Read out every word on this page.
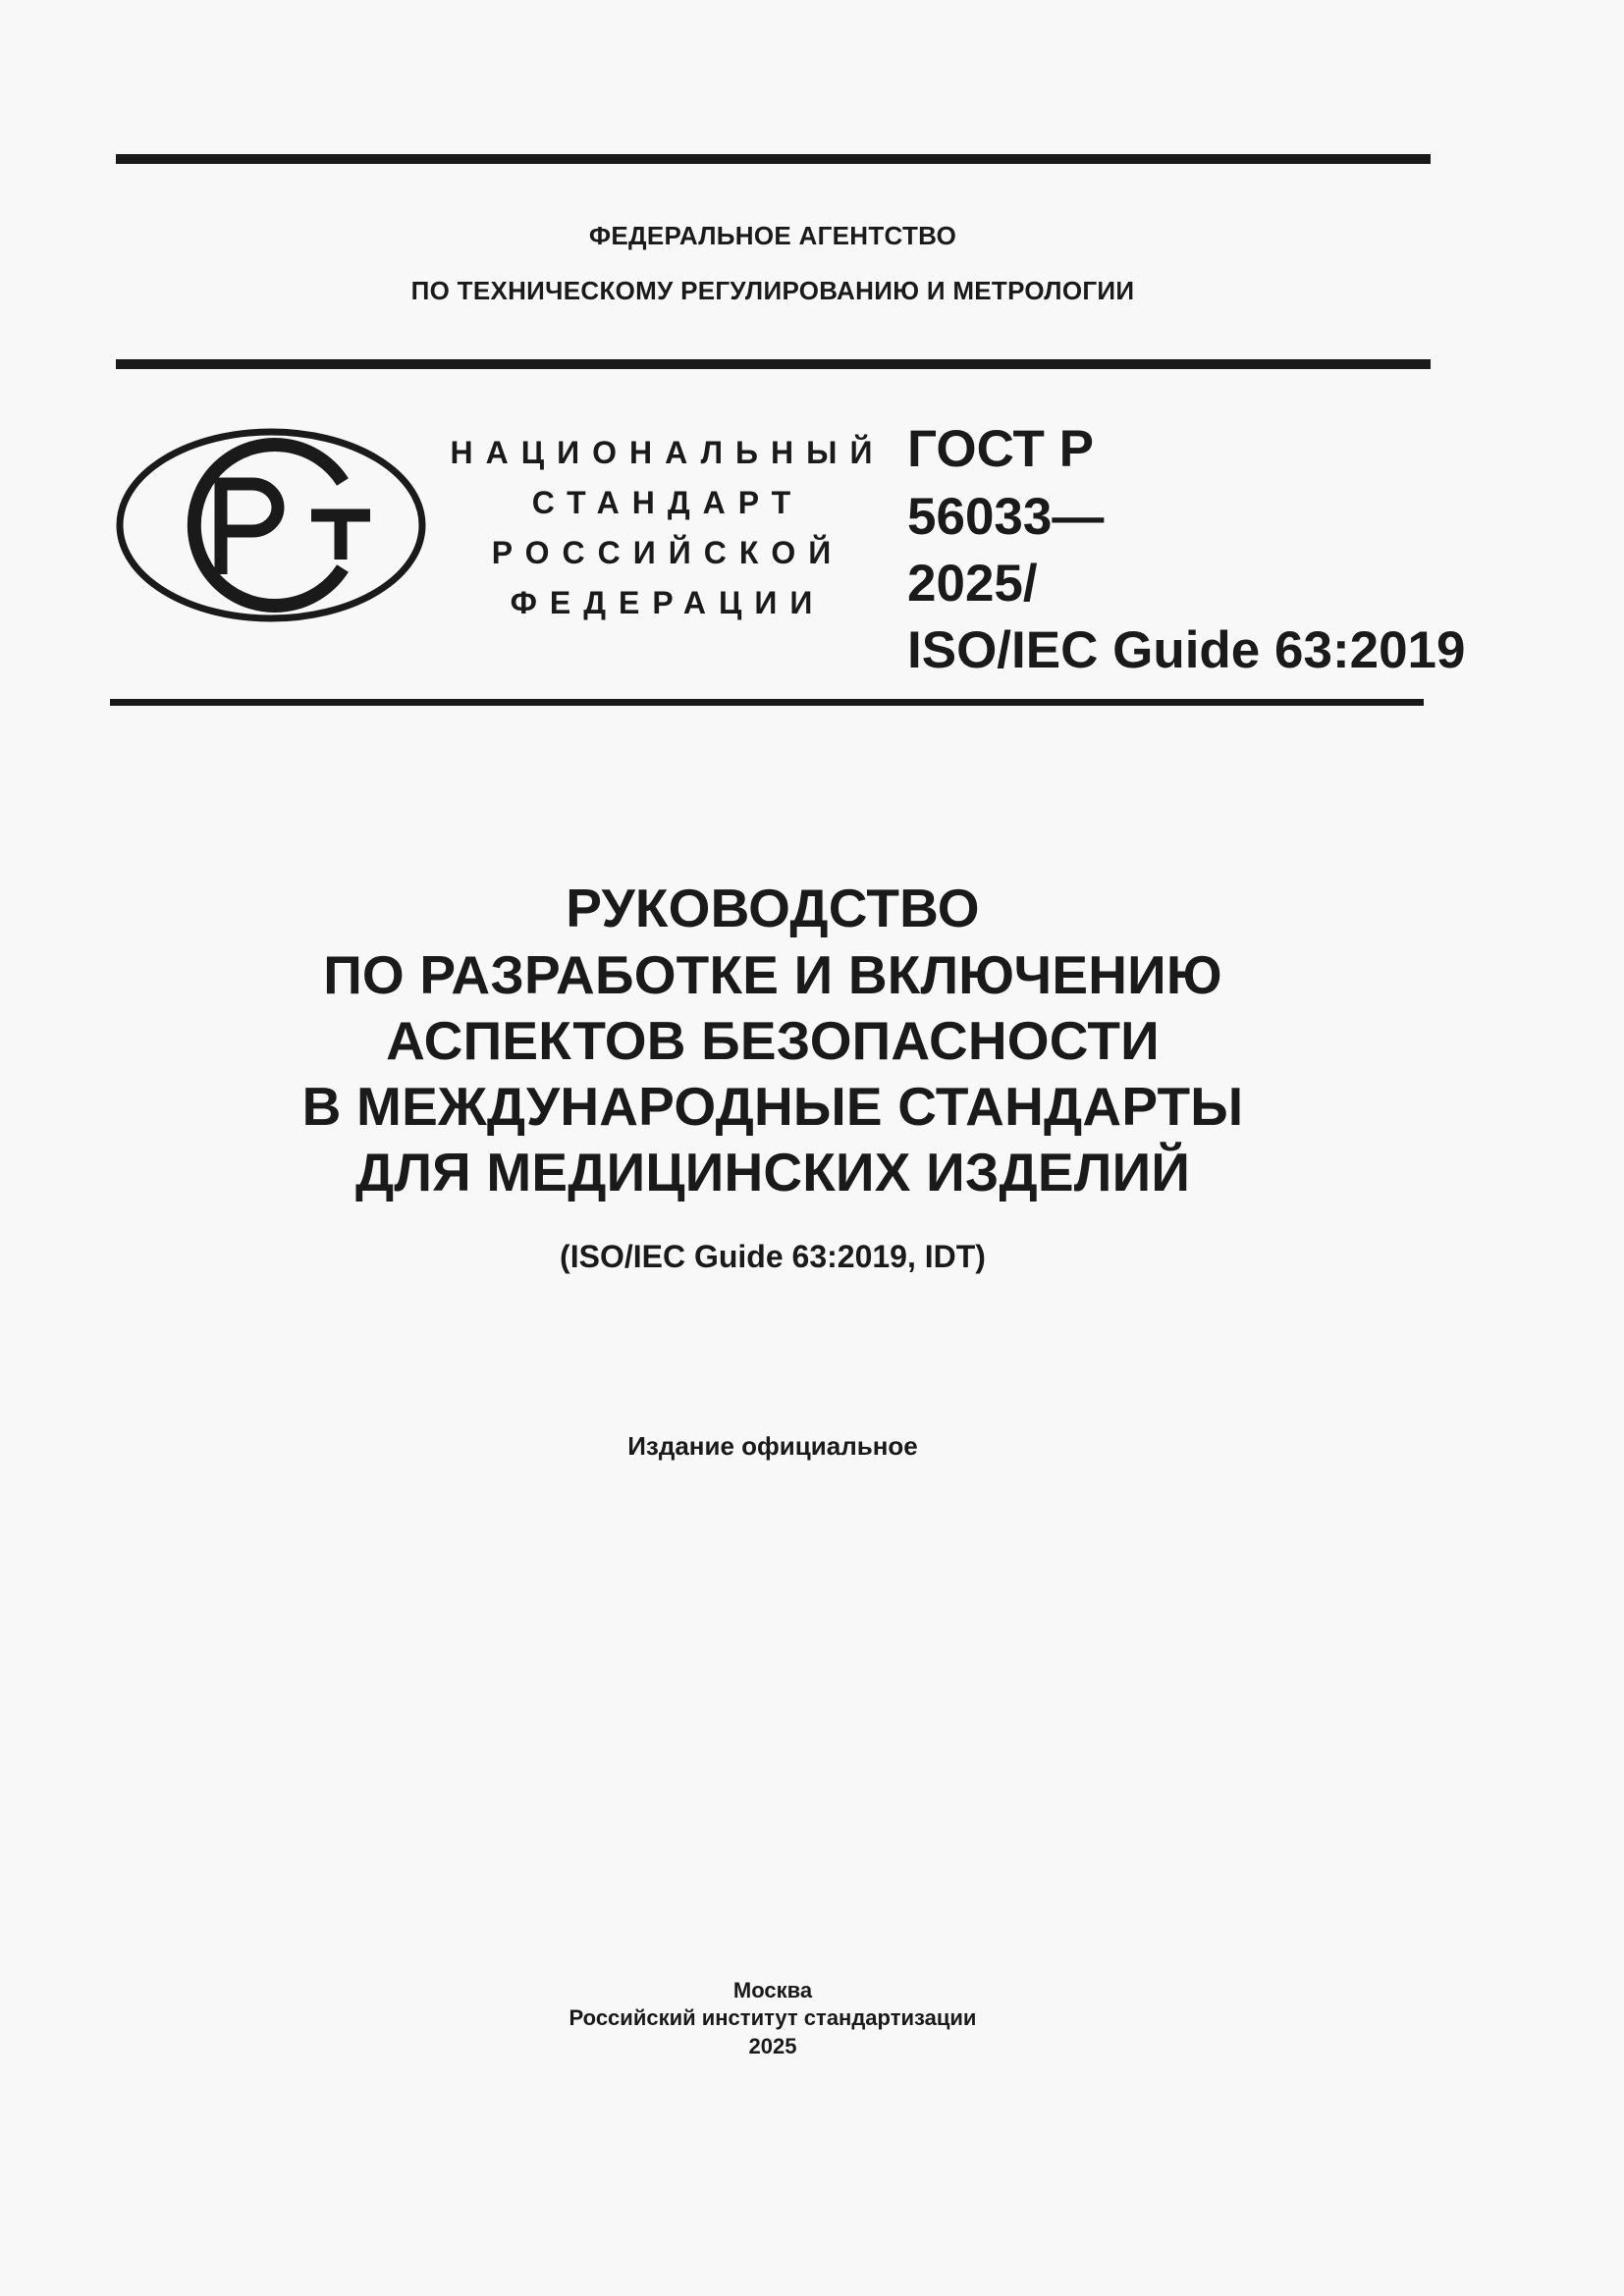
ФЕДЕРАЛЬНОЕ АГЕНТСТВО
ПО ТЕХНИЧЕСКОМУ РЕГУЛИРОВАНИЮ И МЕТРОЛОГИИ
НАЦИОНАЛЬНЫЙ
СТАНДАРТ
РОССИЙСКОЙ
ФЕДЕРАЦИИ
ГОСТ Р
56033—
2025/
ISO/IEC Guide 63:2019
РУКОВОДСТВО
ПО РАЗРАБОТКЕ И ВКЛЮЧЕНИЮ
АСПЕКТОВ БЕЗОПАСНОСТИ
В МЕЖДУНАРОДНЫЕ СТАНДАРТЫ
ДЛЯ МЕДИЦИНСКИХ ИЗДЕЛИЙ
(ISO/IEC Guide 63:2019, IDT)
Издание официальное
Москва
Российский институт стандартизации
2025
